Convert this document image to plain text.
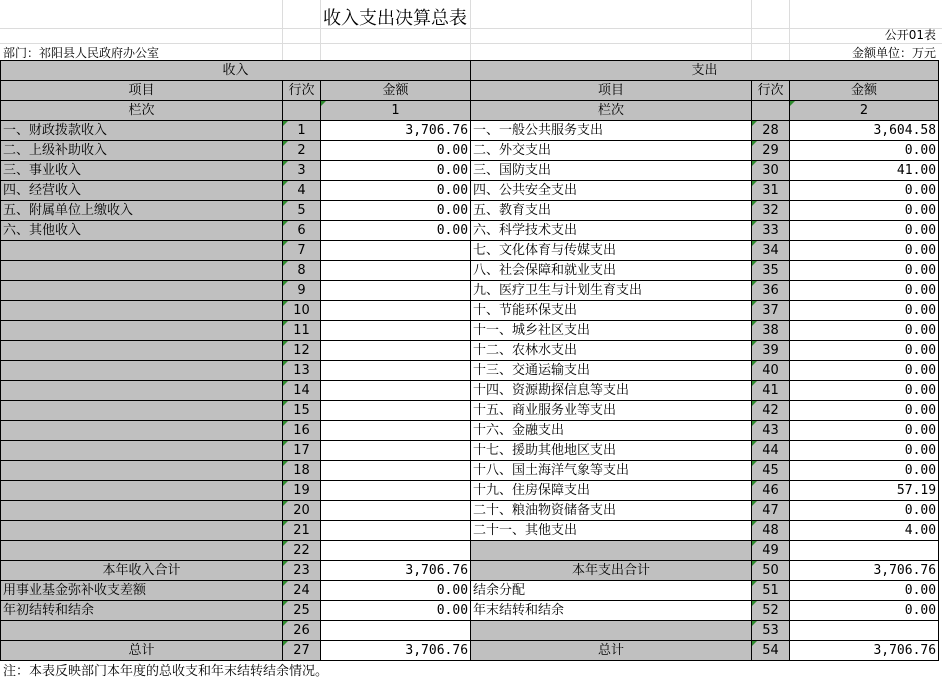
收入支出决算总表
公开01表
部门：祁阳县人民政府办公室	金额单位：万元
收入			支出		
项目	行次	金额	项目	行次	金额
栏次		1	栏次		2
一、财政拨款收入	1	3,706.76	一、一般公共服务支出	28	3,604.58
二、上级补助收入	2	0.00	二、外交支出	29	0.00
三、事业收入	3	0.00	三、国防支出	30	41.00
四、经营收入	4	0.00	四、公共安全支出	31	0.00
五、附属单位上缴收入	5	0.00	五、教育支出	32	0.00
六、其他收入	6	0.00	六、科学技术支出	33	0.00
	7		七、文化体育与传媒支出	34	0.00
	8		八、社会保障和就业支出	35	0.00
	9		九、医疗卫生与计划生育支出	36	0.00
	10		十、节能环保支出	37	0.00
	11		十一、城乡社区支出	38	0.00
	12		十二、农林水支出	39	0.00
	13		十三、交通运输支出	40	0.00
	14		十四、资源勘探信息等支出	41	0.00
	15		十五、商业服务业等支出	42	0.00
	16		十六、金融支出	43	0.00
	17		十七、援助其他地区支出	44	0.00
	18		十八、国土海洋气象等支出	45	0.00
	19		十九、住房保障支出	46	57.19
	20		二十、粮油物资储备支出	47	0.00
	21		二十一、其他支出	48	4.00
	22			49	
本年收入合计	23	3,706.76	本年支出合计	50	3,706.76
用事业基金弥补收支差额	24	0.00	结余分配	51	0.00
年初结转和结余	25	0.00	年末结转和结余	52	0.00
	26			53	
总计	27	3,706.76	总计	54	3,706.76
注：本表反映部门本年度的总收支和年末结转结余情况。
